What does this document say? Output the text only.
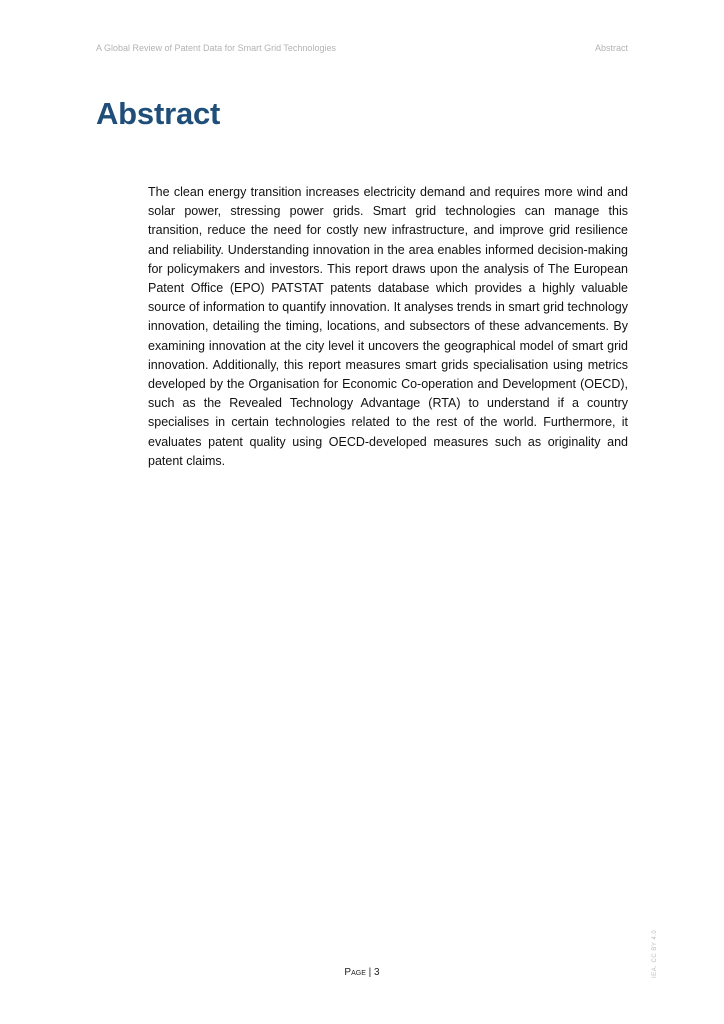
A Global Review of Patent Data for Smart Grid Technologies	Abstract
Abstract

The clean energy transition increases electricity demand and requires more wind and solar power, stressing power grids. Smart grid technologies can manage this transition, reduce the need for costly new infrastructure, and improve grid resilience and reliability. Understanding innovation in the area enables informed decision-making for policymakers and investors. This report draws upon the analysis of The European Patent Office (EPO) PATSTAT patents database which provides a highly valuable source of information to quantify innovation. It analyses trends in smart grid technology innovation, detailing the timing, locations, and subsectors of these advancements. By examining innovation at the city level it uncovers the geographical model of smart grid innovation. Additionally, this report measures smart grids specialisation using metrics developed by the Organisation for Economic Co-operation and Development (OECD), such as the Revealed Technology Advantage (RTA) to understand if a country specialises in certain technologies related to the rest of the world. Furthermore, it evaluates patent quality using OECD-developed measures such as originality and patent claims.

IEA. CC BY 4.0
Page | 3
